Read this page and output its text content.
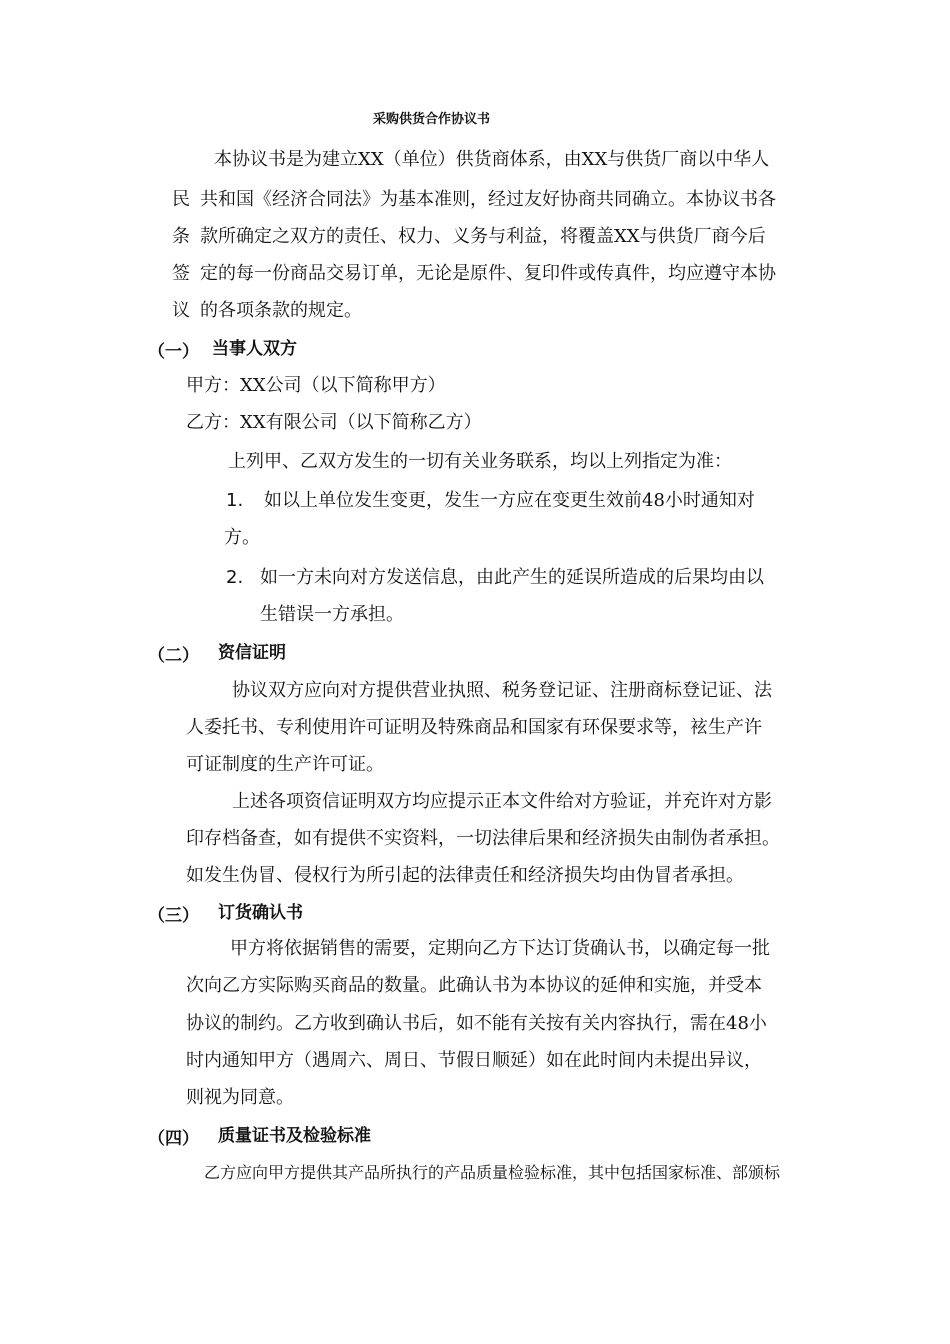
采购供货合作协议书
本协议书是为建立XX（单位）供货商体系，由XX与供货厂商以中华人
民 共和国《经济合同法》为基本准则，经过友好协商共同确立。本协议书各
条 款所确定之双方的责任、权力、义务与利益，将覆盖XX与供货厂商今后
签 定的每一份商品交易订单，无论是原件、复印件或传真件，均应遵守本协
议 的各项条款的规定。
（一） 当事人双方
甲方：XX公司（以下简称甲方）
乙方：XX有限公司（以下简称乙方）
上列甲、乙双方发生的一切有关业务联系，均以上列指定为准：
1. 如以上单位发生变更，发生一方应在变更生效前48小时通知对
方。
2. 如一方未向对方发送信息，由此产生的延误所造成的后果均由以
生错误一方承担。
（二） 资信证明
协议双方应向对方提供营业执照、税务登记证、注册商标登记证、法
人委托书、专利使用许可证明及特殊商品和国家有环保要求等，袨生产许
可证制度的生产许可证。
上述各项资信证明双方均应提示正本文件给对方验证，并充许对方影
印存档备查，如有提供不实资料，一切法律后果和经济损失由制伪者承担。
如发生伪冒、侵权行为所引起的法律责任和经济损失均由伪冒者承担。
（三） 订货确认书
甲方将依据销售的需要，定期向乙方下达订货确认书，以确定每一批
次向乙方实际购买商品的数量。此确认书为本协议的延伸和实施，并受本
协议的制约。乙方收到确认书后，如不能有关按有关内容执行，需在48小
时内通知甲方（遇周六、周日、节假日顺延）如在此时间内未提出异议，
则视为同意。
（四） 质量证书及检验标准
乙方应向甲方提供其产品所执行的产品质量检验标准，其中包括国家标准、部颁标
